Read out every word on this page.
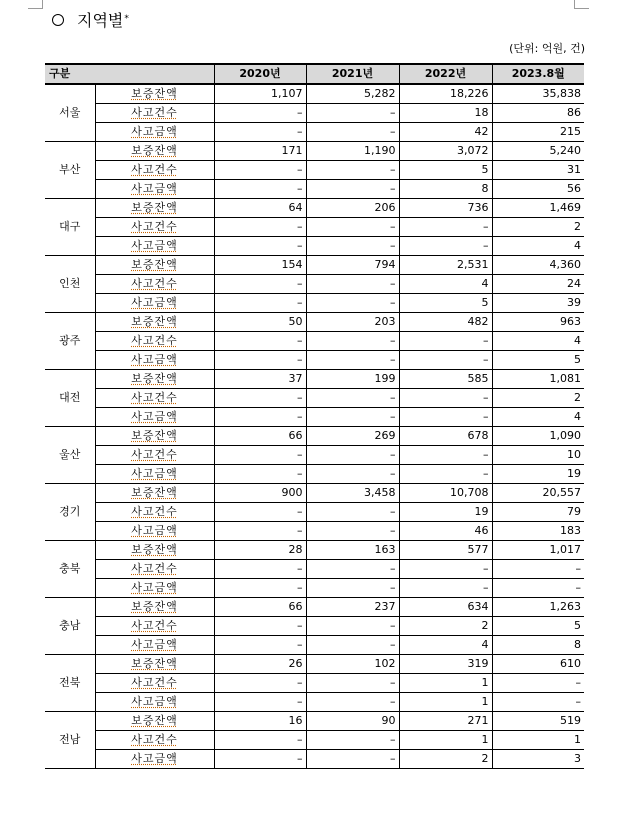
지역별 *
(단위: 억원, 건)
구분		2020년	2021년	2022년	2023.8월
서울	보증잔액	1,107	5,282	18,226	35,838
	사고건수	–	–	18	86
	사고금액	–	–	42	215
부산	보증잔액	171	1,190	3,072	5,240
	사고건수	–	–	5	31
	사고금액	–	–	8	56
대구	보증잔액	64	206	736	1,469
	사고건수	–	–	–	2
	사고금액	–	–	–	4
인천	보증잔액	154	794	2,531	4,360
	사고건수	–	–	4	24
	사고금액	–	–	5	39
광주	보증잔액	50	203	482	963
	사고건수	–	–	–	4
	사고금액	–	–	–	5
대전	보증잔액	37	199	585	1,081
	사고건수	–	–	–	2
	사고금액	–	–	–	4
울산	보증잔액	66	269	678	1,090
	사고건수	–	–	–	10
	사고금액	–	–	–	19
경기	보증잔액	900	3,458	10,708	20,557
	사고건수	–	–	19	79
	사고금액	–	–	46	183
충북	보증잔액	28	163	577	1,017
	사고건수	–	–	–	–
	사고금액	–	–	–	–
충남	보증잔액	66	237	634	1,263
	사고건수	–	–	2	5
	사고금액	–	–	4	8
전북	보증잔액	26	102	319	610
	사고건수	–	–	1	–
	사고금액	–	–	1	–
전남	보증잔액	16	90	271	519
	사고건수	–	–	1	1
	사고금액	–	–	2	3
